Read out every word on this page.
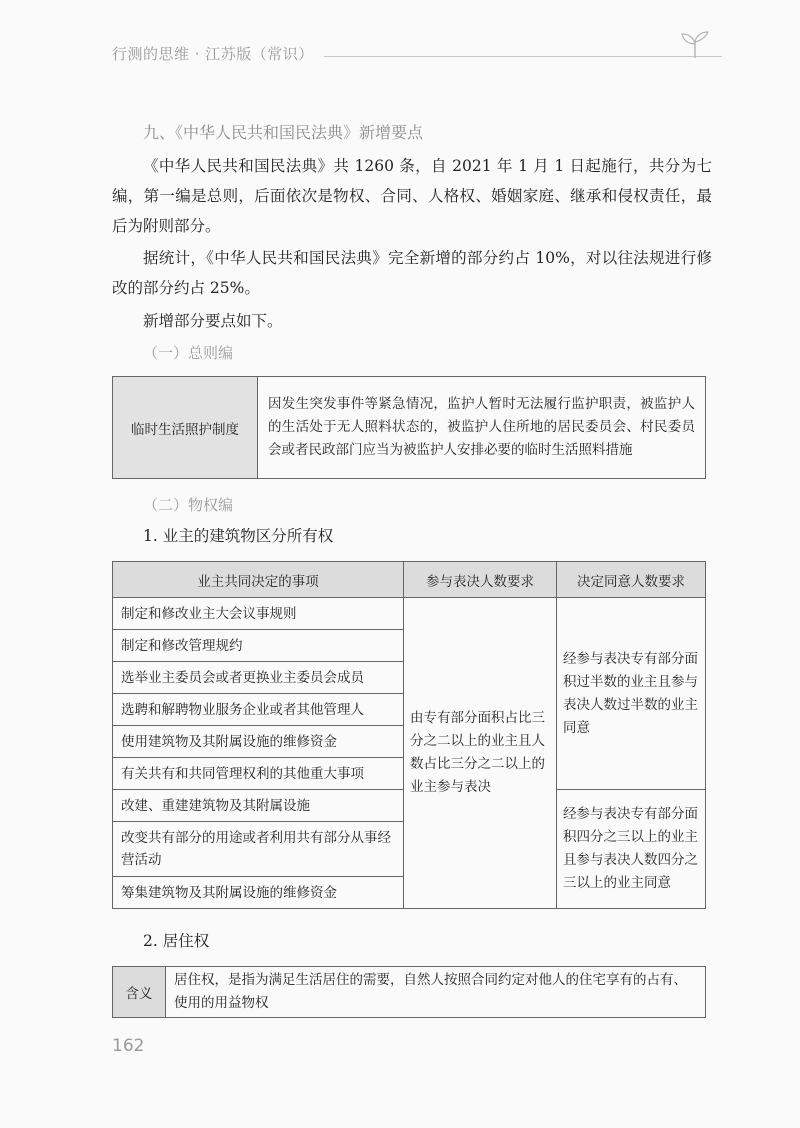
行测的思维 · 江苏版（常识）
九、《中华人民共和国民法典》新增要点
《中华人民共和国民法典》共 1260 条，自 2021 年 1 月 1 日起施行，共分为七编，第一编是总则，后面依次是物权、合同、人格权、婚姻家庭、继承和侵权责任，最后为附则部分。
据统计，《中华人民共和国民法典》完全新增的部分约占 10%，对以往法规进行修改的部分约占 25%。
新增部分要点如下。
（一）总则编
临时生活照护制度	因发生突发事件等紧急情况，监护人暂时无法履行监护职责，被监护人的生活处于无人照料状态的，被监护人住所地的居民委员会、村民委员会或者民政部门应当为被监护人安排必要的临时生活照料措施
（二）物权编
1. 业主的建筑物区分所有权
业主共同决定的事项	参与表决人数要求	决定同意人数要求
制定和修改业主大会议事规则	由专有部分面积占比三分之二以上的业主且人数占比三分之二以上的业主参与表决	经参与表决专有部分面积过半数的业主且参与表决人数过半数的业主同意
制定和修改管理规约		
选举业主委员会或者更换业主委员会成员		
选聘和解聘物业服务企业或者其他管理人		
使用建筑物及其附属设施的维修资金		
有关共有和共同管理权利的其他重大事项		
改建、重建建筑物及其附属设施		经参与表决专有部分面积四分之三以上的业主且参与表决人数四分之三以上的业主同意
改变共有部分的用途或者利用共有部分从事经营活动		
筹集建筑物及其附属设施的维修资金		
2. 居住权
含义	居住权，是指为满足生活居住的需要，自然人按照合同约定对他人的住宅享有的占有、使用的用益物权
162
